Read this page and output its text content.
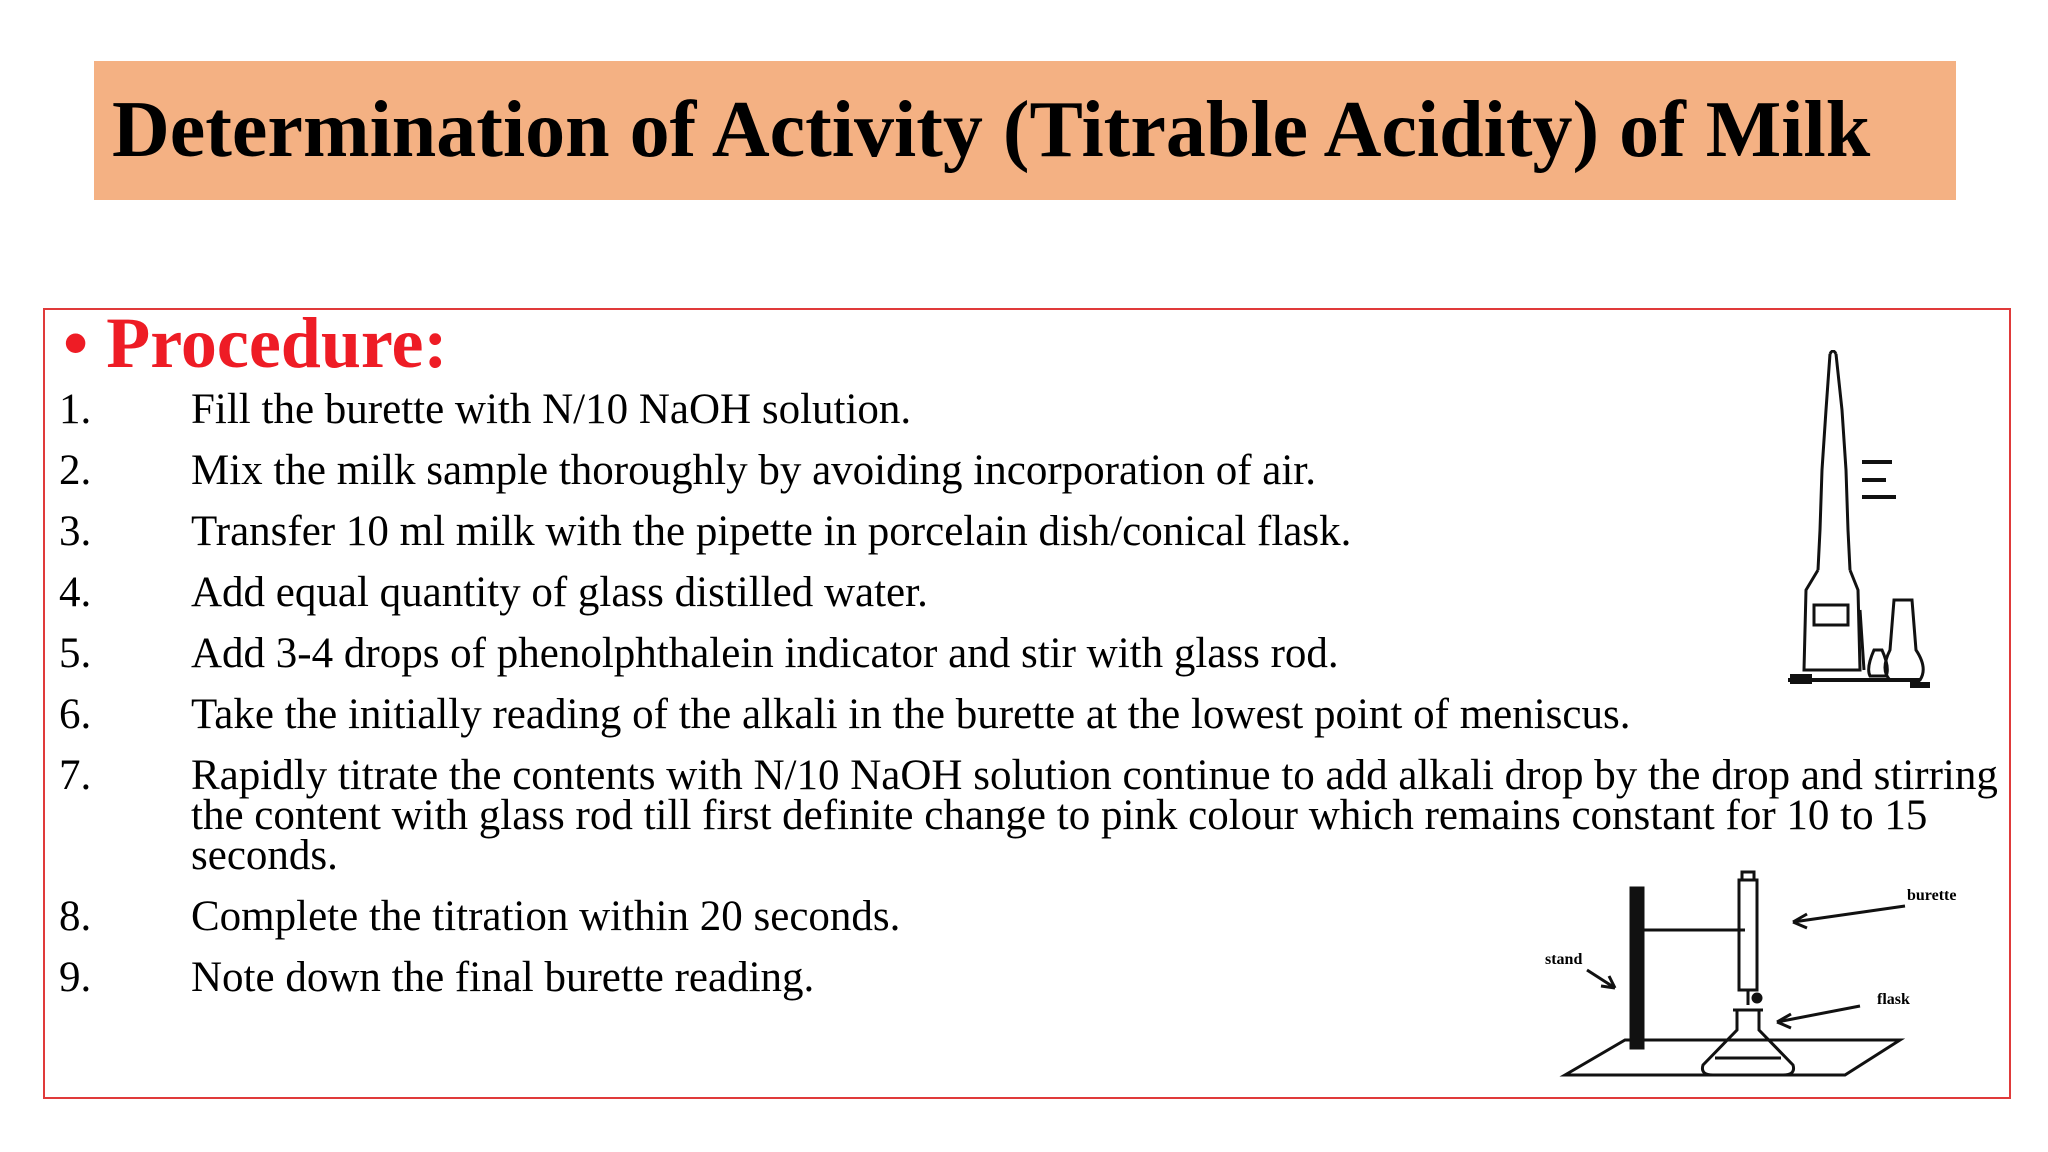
Determination of Activity (Titrable Acidity) of Milk
• Procedure:
1. Fill the burette with N/10 NaOH solution.
2. Mix the milk sample thoroughly by avoiding incorporation of air.
3. Transfer 10 ml milk with the pipette in porcelain dish/conical flask.
4. Add equal quantity of glass distilled water.
5. Add 3-4 drops of phenolphthalein indicator and stir with glass rod.
6. Take the initially reading of the alkali in the burette at the lowest point of meniscus.
7. Rapidly titrate the contents with N/10 NaOH solution continue to add alkali drop by the drop and stirring the content with glass rod till first definite change to pink colour which remains constant for 10 to 15 seconds.
8. Complete the titration within 20 seconds.
9. Note down the final burette reading.
burette
stand
flask
